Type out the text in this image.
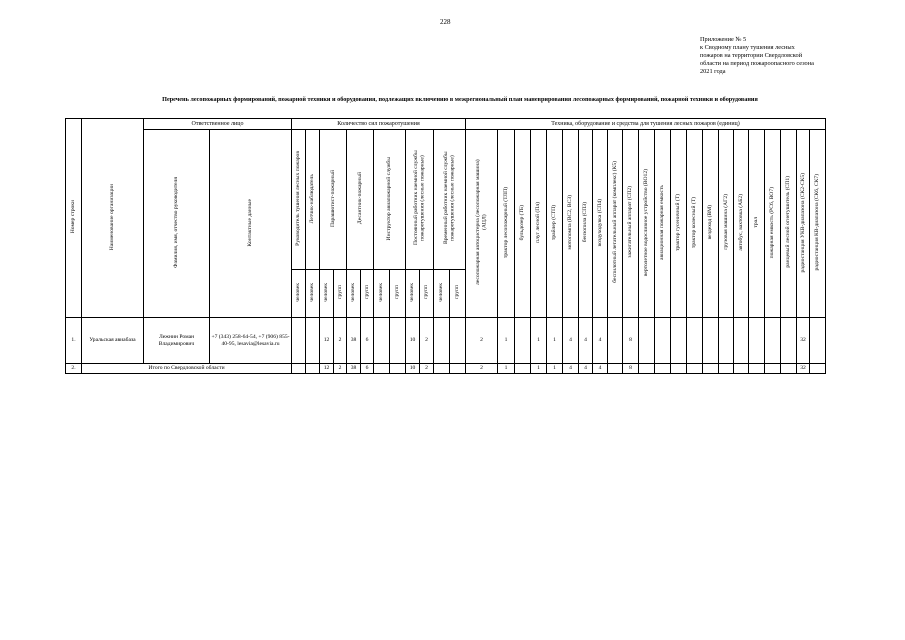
228
Приложение № 5
к Сводному плану тушения лесных
пожаров на территории Свердловской
области на период пожароопасного сезона
2021 года
Перечень лесопожарных формирований, пожарной техники и оборудования, подлежащих включению в межрегиональный план маневрирования лесопожарных формирований, пожарной техники и оборудования
Номер строки	Наименование организации	Ответственное лицо		Количество сил пожаротушения												Техника, оборудование и средства для тушения лесных пожаров (единиц)																					
		Фамилия, имя, отчество руководителя	Контактные данные	Руководитель тушения лесных пожаров	Летчик-наблюдатель	Парашютист-пожарный		Десантник-пожарный		Инструктор авиапожарной службы		Постоянный работник наемной службы пожаротушения (лесные пожарные)		Временный работник наемной службы пожаротушения (лесные пожарные)		лесопожарная автоцистерна (лесопожарная машина) (АЦЛ)	трактор лесопожарный (ТЛП)	бульдозер (ТБ)	плуг лесной (Пл)	трайлер (СТП)	мотопомпа (ВС2, ВС3)	бензопила (СП3)	воздуходувка (СП4)	беспилотный летательный аппарат (комплекс) (К5)	зажигательный аппарат (СП2)	вертолетное водосливное устройство (ВО12)	авиационная пожарная емкость	трактор гусеничный (Т)	трактор колесный (Т)	вездеход (ВМ)	грузовая машина (АГ2)	автобус, вахтовка (АБ2)	трал	пожарная емкость (РС6, ВО7)	ранцевый лесной огнетушитель (СП1)	радиостанция УКВ-диапазона (СК2-СК5)	радиостанция КВ-диапазона (СК6, СК7)
				человек	человек	человек	групп	человек	групп	человек	групп	человек	групп	человек	групп																						
1.	Уральская авиабаза	Лежнин Роман Владимирович	+7 (343) 258-64-54, +7 (906) 855-40-95, lesavia@lesavia.ru			12	2	38	6			10	2			2	1		1	1	4	4	4		8											32	
2.	Итого по Свердловской области					12	2	38	6			10	2			2	1		1	1	4	4	4		8											32	
